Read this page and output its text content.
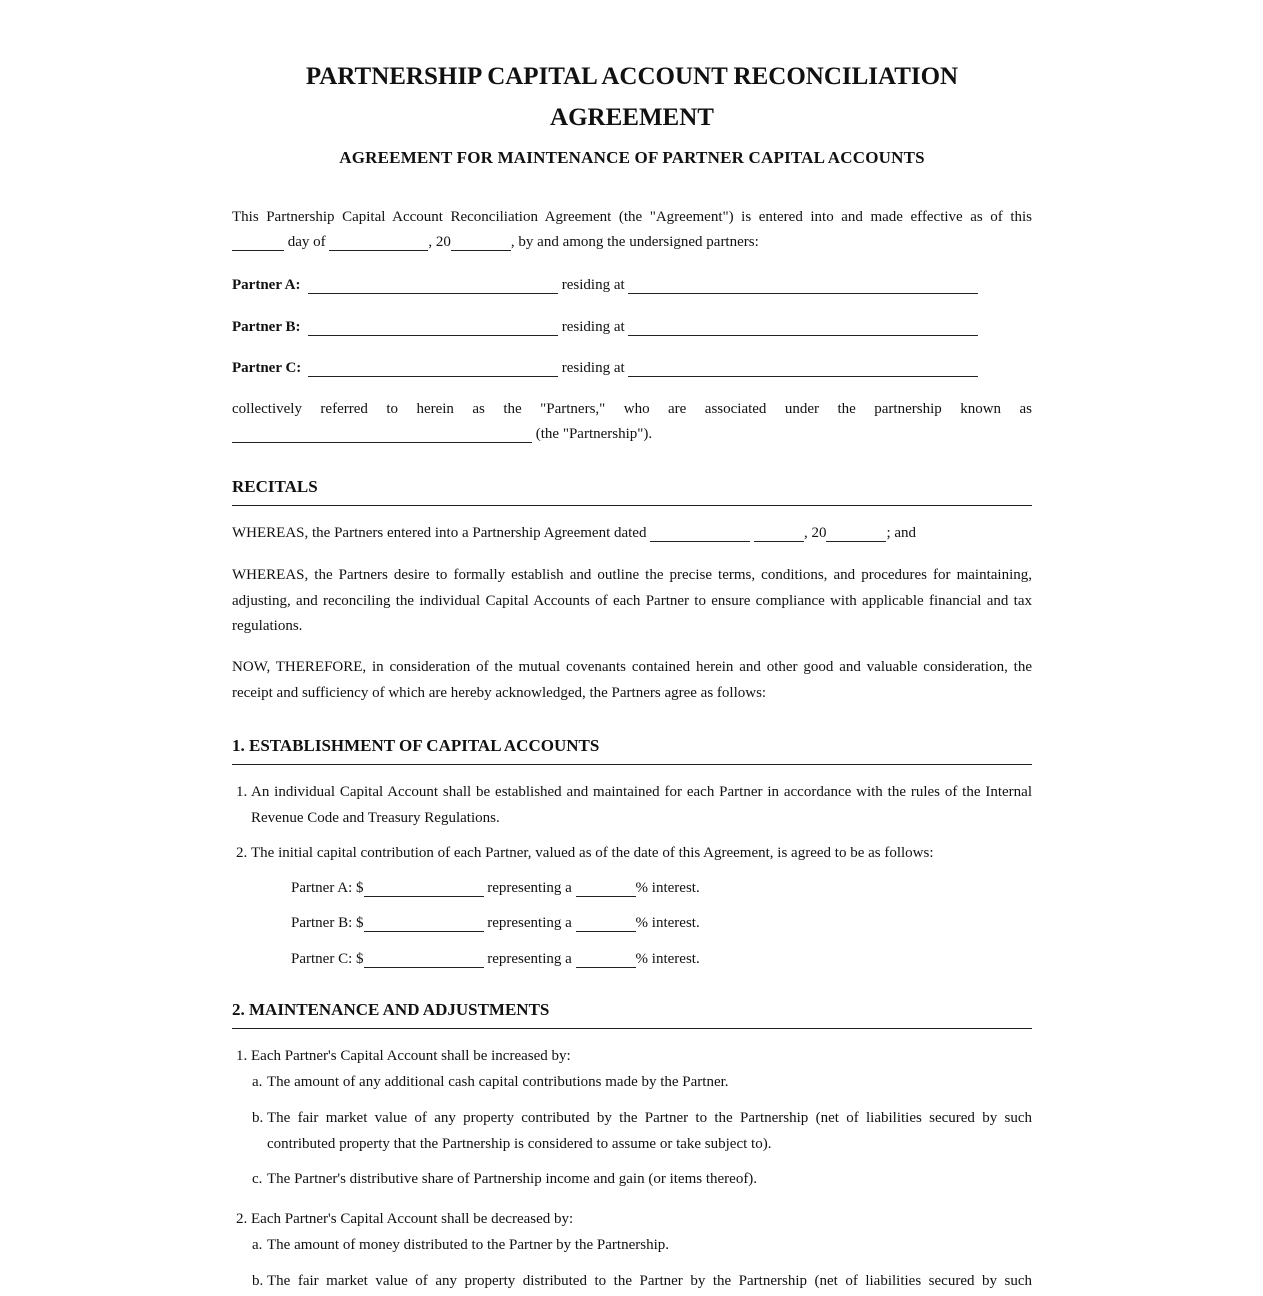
PARTNERSHIP CAPITAL ACCOUNT RECONCILIATION AGREEMENT
AGREEMENT FOR MAINTENANCE OF PARTNER CAPITAL ACCOUNTS
This Partnership Capital Account Reconciliation Agreement (the "Agreement") is entered into and made effective as of this
day of	, 20	, by and among the undersigned partners:
Partner A:	residing at
Partner B:	residing at
Partner C:	residing at
collectively referred to herein as the "Partners," who are associated under the partnership known as
(the "Partnership").
RECITALS
WHEREAS, the Partners entered into a Partnership Agreement dated	, 20	; and
WHEREAS, the Partners desire to formally establish and outline the precise terms, conditions, and procedures for maintaining, adjusting, and reconciling the individual Capital Accounts of each Partner to ensure compliance with applicable financial and tax regulations.
NOW, THEREFORE, in consideration of the mutual covenants contained herein and other good and valuable consideration, the receipt and sufficiency of which are hereby acknowledged, the Partners agree as follows:
1. ESTABLISHMENT OF CAPITAL ACCOUNTS
1. An individual Capital Account shall be established and maintained for each Partner in accordance with the rules of the Internal Revenue Code and Treasury Regulations.
2. The initial capital contribution of each Partner, valued as of the date of this Agreement, is agreed to be as follows:
Partner A: $	representing a	% interest.
Partner B: $	representing a	% interest.
Partner C: $	representing a	% interest.
2. MAINTENANCE AND ADJUSTMENTS
1. Each Partner's Capital Account shall be increased by:
a. The amount of any additional cash capital contributions made by the Partner.
b. The fair market value of any property contributed by the Partner to the Partnership (net of liabilities secured by such contributed property that the Partnership is considered to assume or take subject to).
c. The Partner's distributive share of Partnership income and gain (or items thereof).
2. Each Partner's Capital Account shall be decreased by:
a. The amount of money distributed to the Partner by the Partnership.
b. The fair market value of any property distributed to the Partner by the Partnership (net of liabilities secured by such
